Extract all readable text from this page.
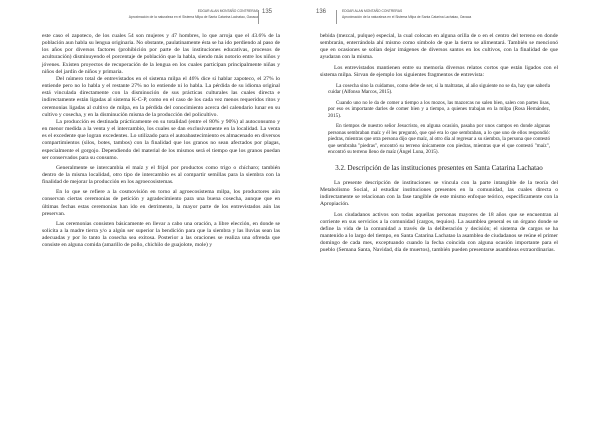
EDGAR ALAN MONTAÑO CONTRERAS
Aproximación de la naturaleza en el Sistema Milpa de Santa Catarina Lachatao, Oaxaca
135

este caso el zapoteco, de los cuales 54 son mujeres y 47 hombres, lo que arroja que el 43.6% de la población aun habla su lengua originaria. No obstante, paulatinamente ésta se ha ido perdiendo al paso de los años por diversos factores (prohibición por parte de las instituciones educativas, procesos de aculturación) disminuyendo el porcentaje de población que la habla, siendo más notorio entre los niños y jóvenes. Existen proyectos de recuperación de la lengua en los cuales participan principalmente niñas y niños del jardín de niños y primaria.

Del número total de entrevistados en el sistema milpa el 46% dice sí hablar zapoteco, el 27% lo entiende pero no lo habla y el restante 27% no lo entiende ni lo habla. La pérdida de su idioma original está vinculada directamente con la disminución de sus prácticas culturales las cuales directa e indirectamente están ligadas al sistema K-C-P, como en el caso de los cada vez menos requeridos ritos y ceremonias ligadas al cultivo de milpa, en la pérdida del conocimiento acerca del calendario lunar en su cultivo y cosecha, y en la disminución misma de la producción del policultivo.

La producción es destinada prácticamente en su totalidad (entre el 80% y 90%) al autoconsumo y en menor medida a la venta y el intercambio, los cuales se dan exclusivamente en la localidad. La venta es el excedente que logran excedentes. Lo utilizado para el autoabastecimiento es almacenado en diversos compartimientos (silos, botes, tambos) con la finalidad que los granos no sean afectados por plagas, especialmente el gorgojo. Dependiendo del material de los mismos será el tiempo que los granos puedan ser conservados para su consumo.

Generalmente se intercambia el maíz y el frijol por productos como trigo o chícharo; también dentro de la misma localidad, otro tipo de intercambio es al compartir semillas para la siembra con la finalidad de mejorar la producción en los agroecosistemas.

En lo que se refiere a la cosmovisión en torno al agroecosistema milpa, los productores aún conservan ciertas ceremonias de petición y agradecimiento para una buena cosecha, aunque que en últimas fechas estas ceremonias han ido en detrimento, la mayor parte de los entrevistados aún las preservan.

Las ceremonias consisten básicamente en llevar a cabo una oración, a libre elección, en donde se solicita a la madre tierra y/o a algún ser superior la bendición para que la siembra y las lluvias sean las adecuadas y por lo tanto la cosecha sea exitosa. Posterior a las oraciones se realiza una ofrenda que consiste en alguna comida (amarillo de pollo, chichilo de guajolote, mole) y

136	EDGAR ALAN MONTAÑO CONTRERAS
Aproximación de la naturaleza en el Sistema Milpa de Santa Catarina Lachatao, Oaxaca

bebida (mezcal, pulque) especial, la cual colocan en alguna orilla de o en el centro del terreno en donde sembrarán, enterrándola ahí mismo como símbolo de que la tierra se alimentará. También se mencionó que en ocasiones se solían dejar imágenes de diversos santos en los cultivos, con la finalidad de que ayudaran con la misma.

Los entrevistados mantienen entre su memoria diversos relatos cortos que están ligados con el sistema milpa. Sirvan de ejemplo los siguientes fragmentos de entrevista:

La cosecha sino la cuidamos, como debe de ser, si la maltratas, al año siguiente no se da, hay que saberla cuidar (Alfonso Marcos, 2015).

Cuando uno no le da de comer a tiempo a los mozos, las mazorcas no salen bien, salen con partes lisas, por eso es importante darles de comer bien y a tiempo, a quienes trabajan en la milpa (Rosa Hernández, 2015).

En tiempos de nuestro señor Jesucristo, en alguna ocasión, pasaba por unos campos en donde algunas personas sembraban maíz y él les preguntó, que qué era lo que sembraban, a lo que uno de ellos respondió: piedras, mientras que otra persona dijo que maíz, al otro día al regresar a su siembra, la persona que contestó que sembraba "piedras", encontró su terreno únicamente con piedras, mientras que el que contestó "maíz", encontró su terreno lleno de maíz (Ángel Luna, 2015).

3.2. Descripción de las instituciones presentes en Santa Catarina Lachatao

La presente descripción de instituciones se vincula con la parte intangible de la teoría del Metabolismo Social, al estudiar instituciones presentes en la comunidad, las cuales directa o indirectamente se relacionan con la fase tangible de este mismo enfoque teórico, específicamente con la Apropiación.

Los ciudadanos activos son todas aquellas personas mayores de 18 años que se encuentran al corriente en sus servicios a la comunidad (cargos, tequios). La asamblea general es un órgano donde se define la vida de la comunidad a través de la deliberación y decisión; el sistema de cargos se ha mantenido a lo largo del tiempo, en Santa Catarina Lachatao la asamblea de ciudadanos se reúne el primer domingo de cada mes, exceptuando cuando la fecha coincida con alguna ocasión importante para el pueblo (Semana Santa, Navidad, día de muertos), también pueden presentarse asambleas extraordinarias.
